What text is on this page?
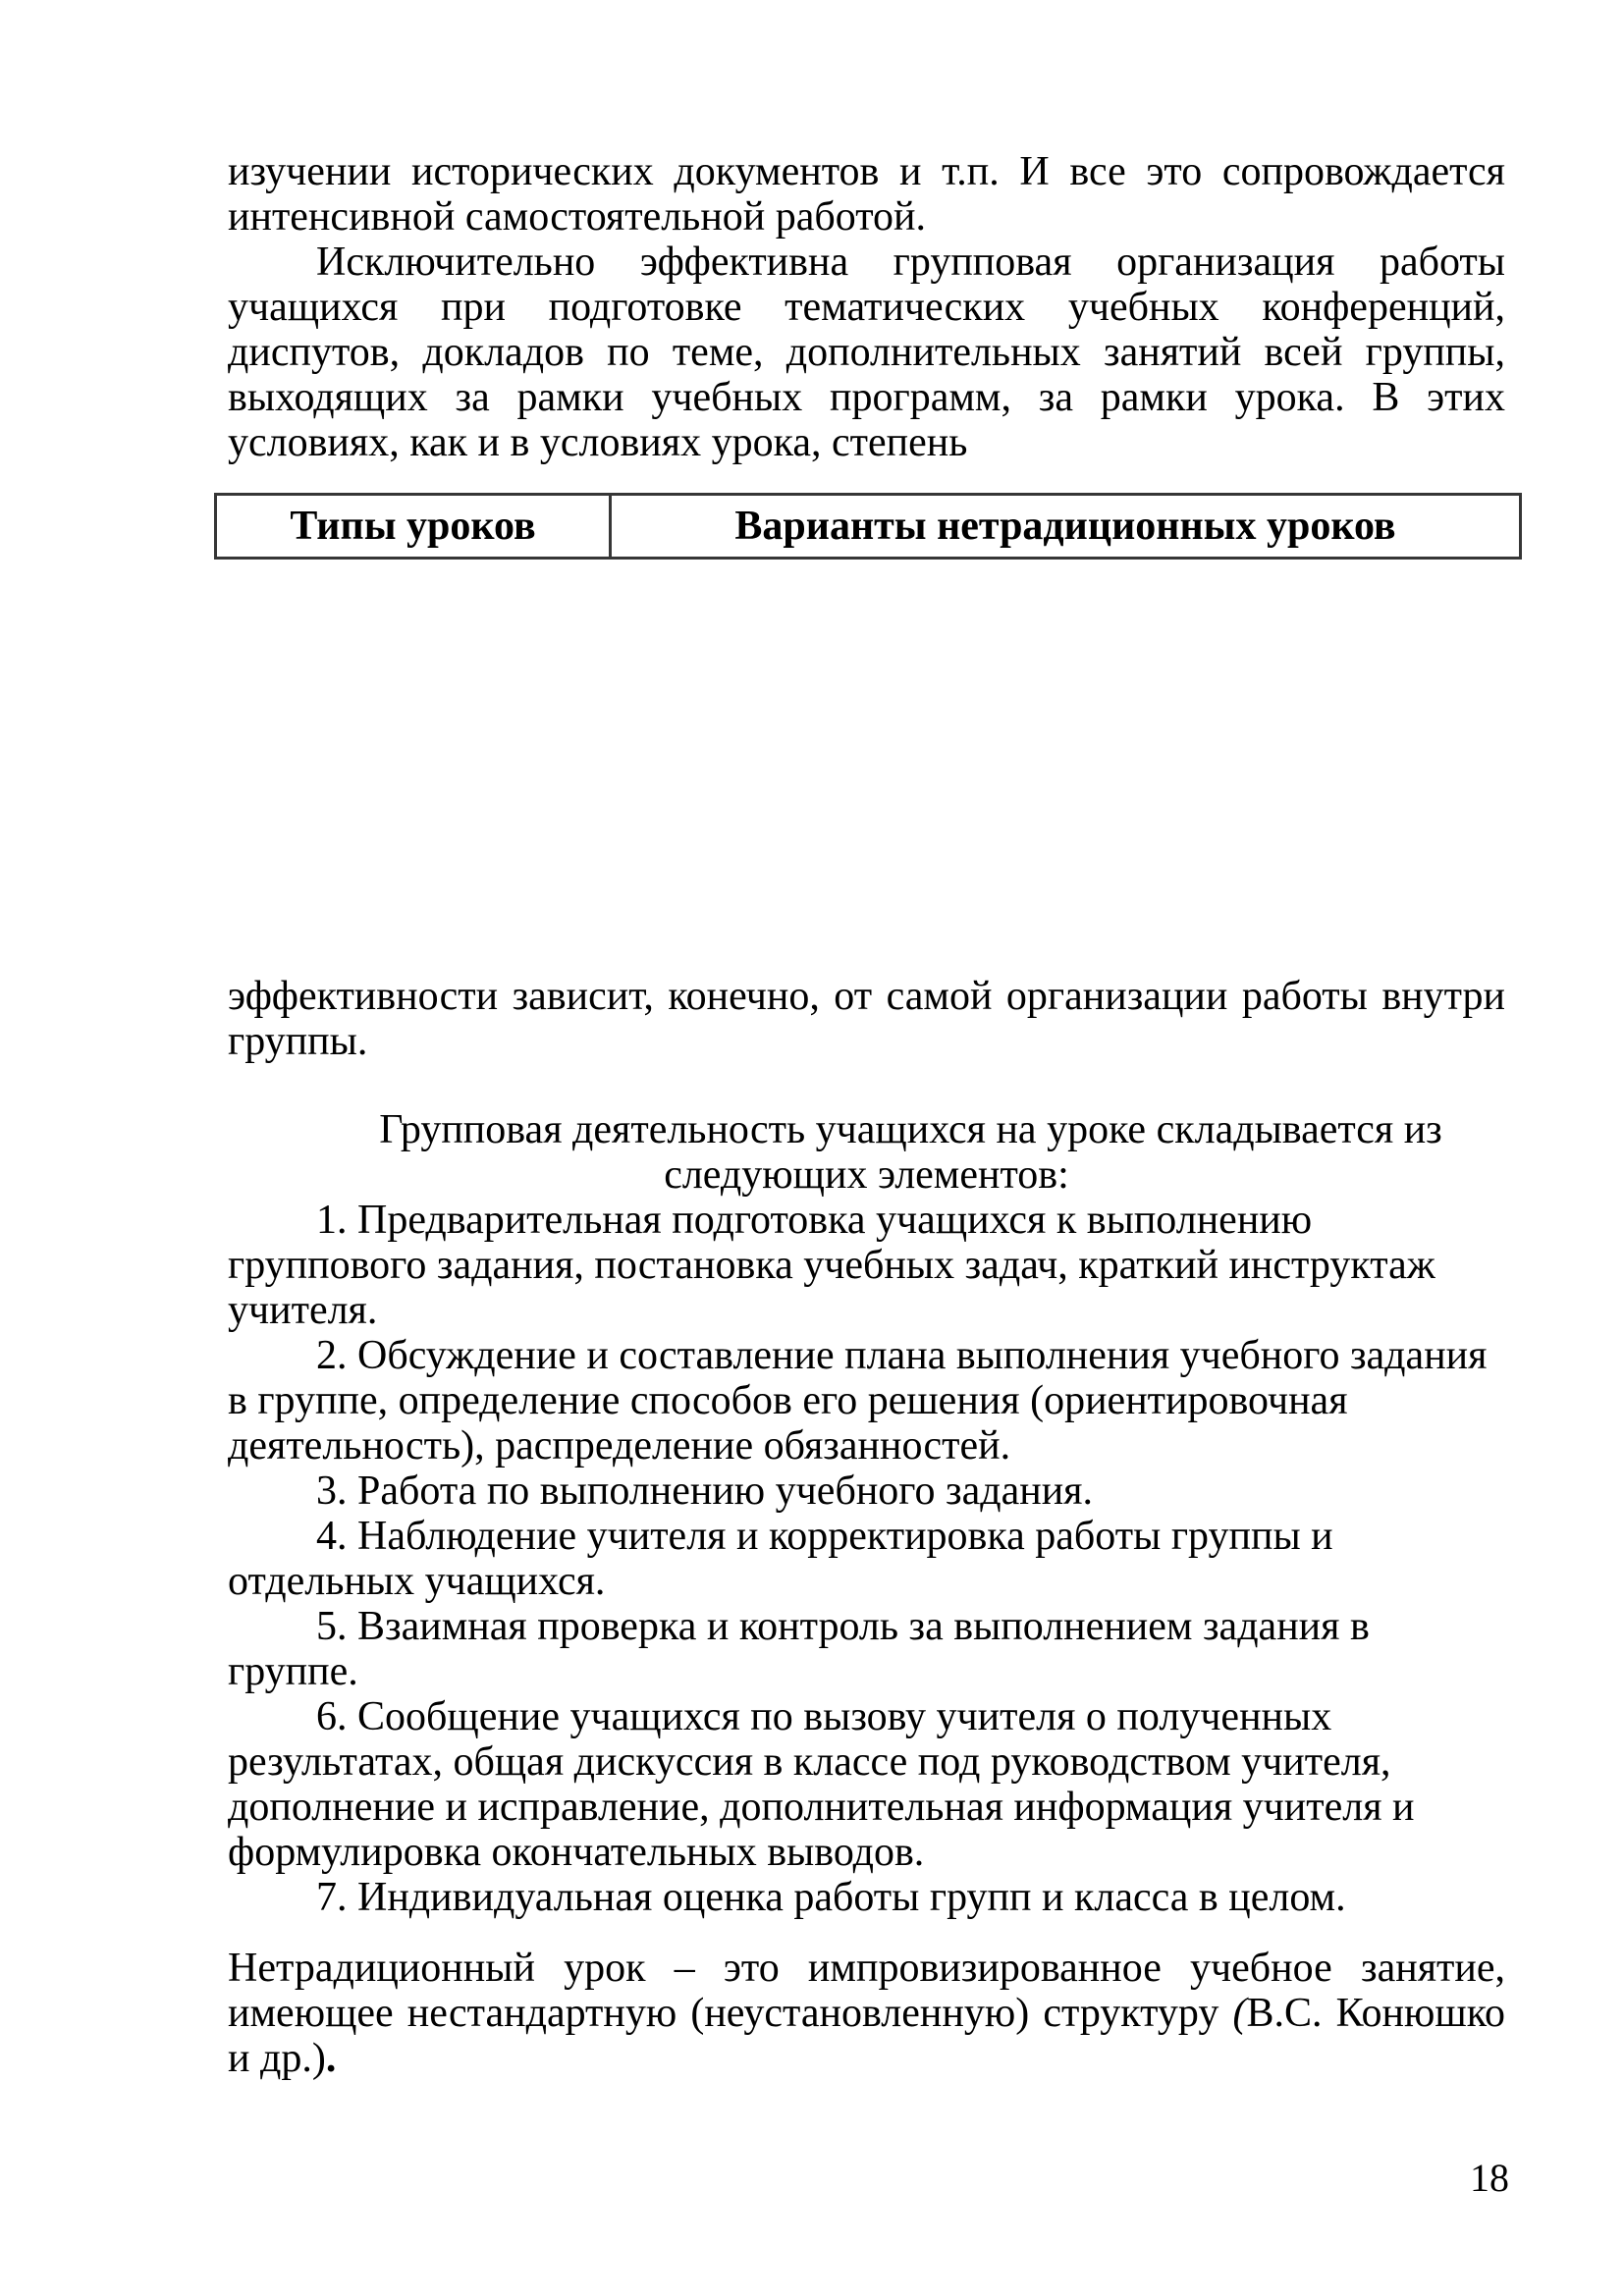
изучении исторических документов и т.п. И все это сопровождается интенсивной самостоятельной работой.

Исключительно эффективна групповая организация работы учащихся при подготовке тематических учебных конференций, диспутов, докладов по теме, дополнительных занятий всей группы, выходящих за рамки учебных программ, за рамки урока. В этих условиях, как и в условиях урока, степень

Типы уроков	Варианты нетрадиционных уроков

эффективности зависит, конечно, от самой организации работы внутри группы.

Групповая деятельность учащихся на уроке складывается из следующих элементов:

1. Предварительная подготовка учащихся к выполнению группового задания, постановка учебных задач, краткий инструктаж учителя.

2. Обсуждение и составление плана выполнения учебного задания в группе, определение способов его решения (ориентировочная деятельность), распределение обязанностей.

3. Работа по выполнению учебного задания.

4. Наблюдение учителя и корректировка работы группы и отдельных учащихся.

5. Взаимная проверка и контроль за выполнением задания в группе.

6. Сообщение учащихся по вызову учителя о полученных результатах, общая дискуссия в классе под руководством учителя, дополнение и исправление, дополнительная информация учителя и формулировка окончательных выводов.

7. Индивидуальная оценка работы групп и класса в целом.

Нетрадиционный урок – это импровизированное учебное занятие, имеющее нестандартную (неустановленную) структуру (В.С. Конюшко и др.).

18
